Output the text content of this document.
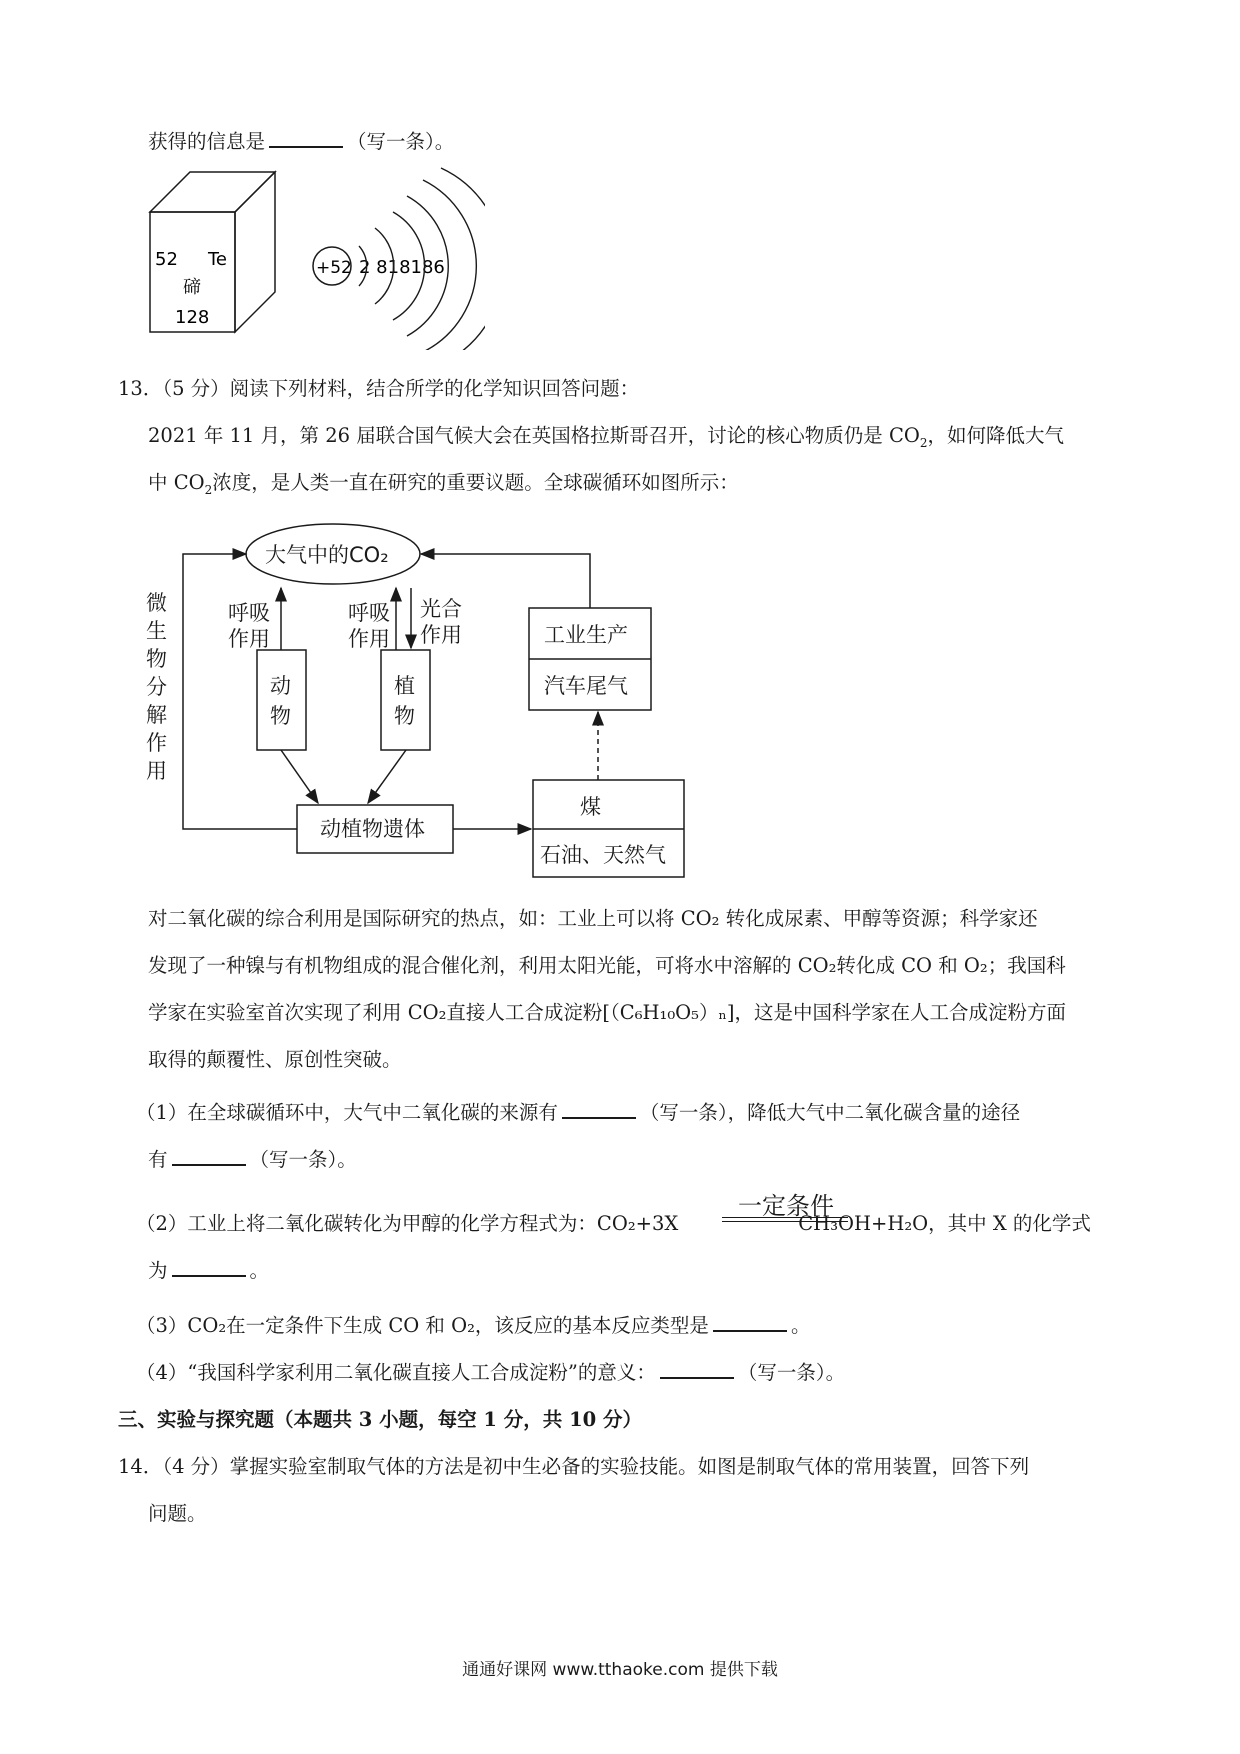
获得的信息是	（写一条）。
52 Te
碲
128
+52 2 818186
13．（5 分）阅读下列材料，结合所学的化学知识回答问题：
2021 年 11 月，第 26 届联合国气候大会在英国格拉斯哥召开，讨论的核心物质仍是 $CO_2$，如何降低大气
中 $CO_2$浓度，是人类一直在研究的重要议题。全球碳循环如图所示：
大气中的CO₂
呼吸
作用
呼吸
作用
光合
作用
动
物
植
物
工业生产
汽车尾气
动植物遗体
煤
石油、天然气
微
生
物
分
解
作
用
对二氧化碳的综合利用是国际研究的热点，如：工业上可以将 CO₂ 转化成尿素、甲醇等资源；科学家还
发现了一种镍与有机物组成的混合催化剂，利用太阳光能，可将水中溶解的 CO₂转化成 CO 和 O₂；我国科
学家在实验室首次实现了利用 CO₂直接人工合成淀粉[（C₆H₁₀O₅）ₙ]，这是中国科学家在人工合成淀粉方面
取得的颠覆性、原创性突破。
（1）在全球碳循环中，大气中二氧化碳的来源有	（写一条），降低大气中二氧化碳含量的途径
有	（写一条）。
（2）工业上将二氧化碳转化为甲醇的化学方程式为：CO₂+3X	CH₃OH+H₂O，其中 X 的化学式
一定条件
为	。
（3）CO₂在一定条件下生成 CO 和 O₂，该反应的基本反应类型是	。
（4）“我国科学家利用二氧化碳直接人工合成淀粉”的意义：	（写一条）。
三、实验与探究题（本题共 3 小题，每空 1 分，共 10 分）
14．（4 分）掌握实验室制取气体的方法是初中生必备的实验技能。如图是制取气体的常用装置，回答下列
问题。
通通好课网 www.tthaoke.com 提供下载
